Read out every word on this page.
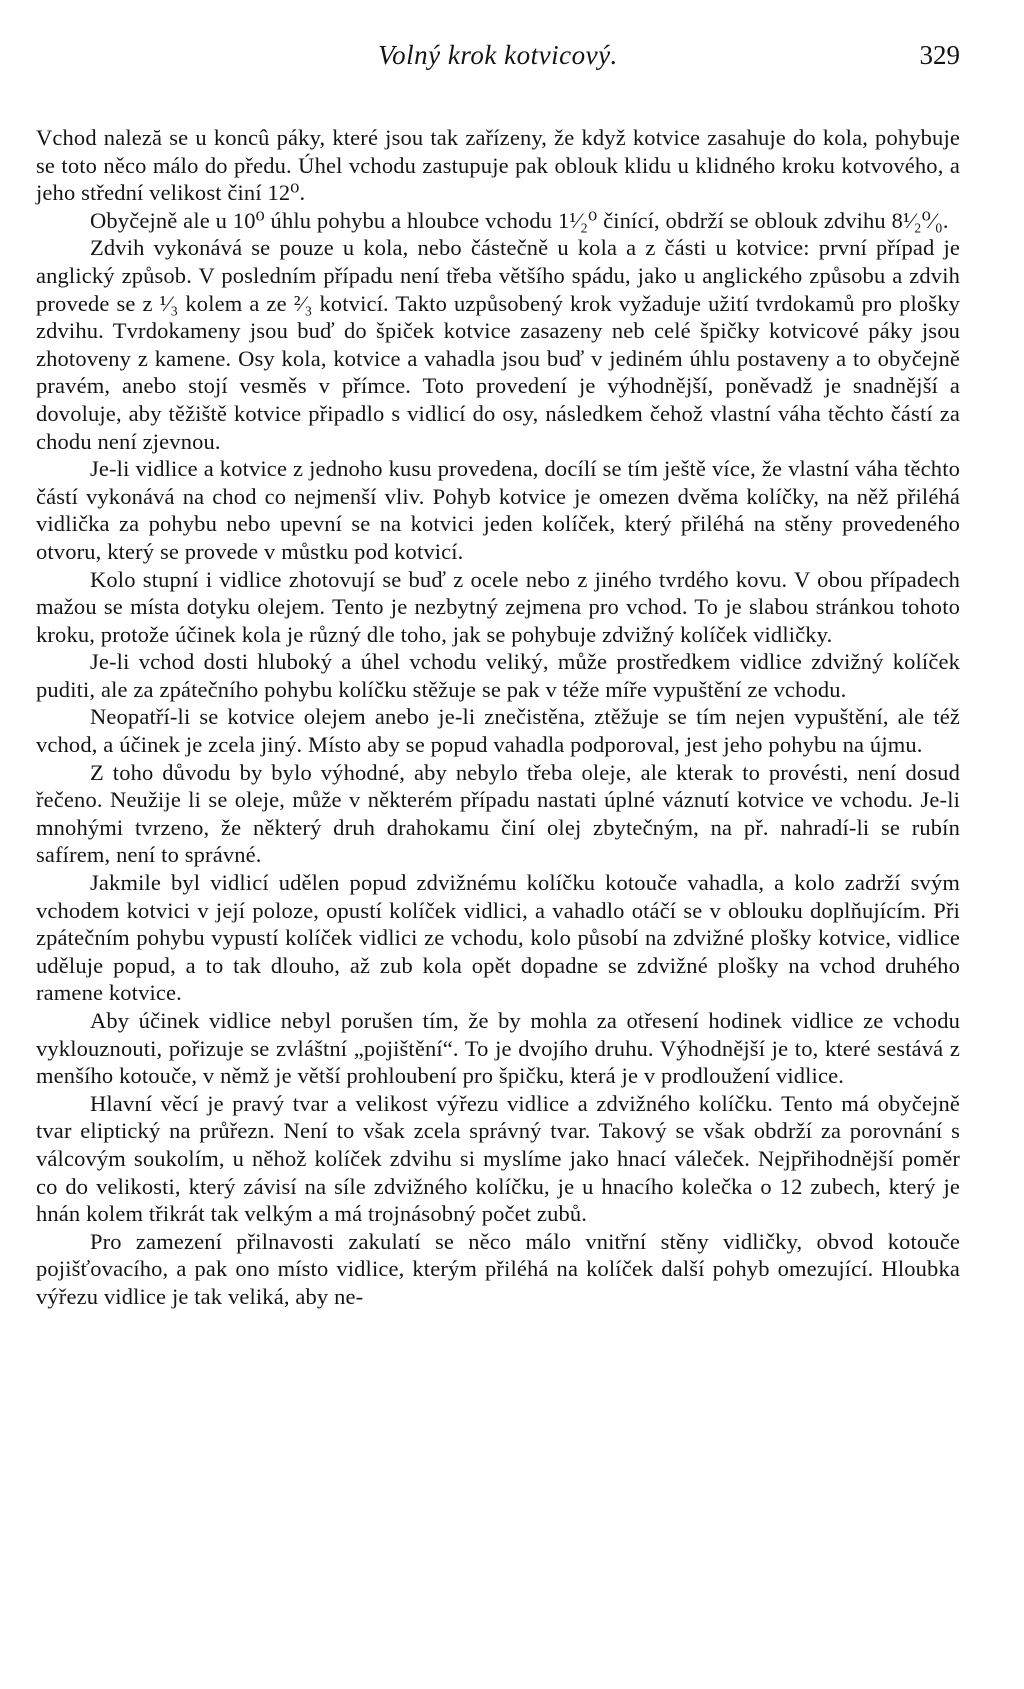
Volný krok kotvicový.	329

Vchod naleză se u koncû páky, které jsou tak zařízeny, že když kotvice zasahuje do kola, pohybuje se toto něco málo do předu. Úhel vchodu zastupuje pak oblouk klidu u klidného kroku kotvového, a jeho střední velikost činí 12⁰.

Obyčejně ale u 10⁰ úhlu pohybu a hloubce vchodu 1¹⁄₂⁰ činící, obdrží se oblouk zdvihu 8¹⁄₂⁰⁄₀.

Zdvih vykonává se pouze u kola, nebo částečně u kola a z části u kotvice: první případ je anglický způsob. V posledním případu není třeba většího spádu, jako u anglického způsobu a zdvih provede se z ¹⁄₃ kolem a ze ²⁄₃ kotvicí. Takto uzpůsobený krok vyžaduje užití tvrdokamů pro plošky zdvihu. Tvrdokameny jsou buď do špiček kotvice zasazeny neb celé špičky kotvicové páky jsou zhotoveny z kamene. Osy kola, kotvice a vahadla jsou buď v jediném úhlu postaveny a to obyčejně pravém, anebo stojí vesměs v přímce. Toto provedení je výhodnější, poněvadž je snadnější a dovoluje, aby těžiště kotvice připadlo s vidlicí do osy, následkem čehož vlastní váha těchto částí za chodu není zjevnou.

Je-li vidlice a kotvice z jednoho kusu provedena, docílí se tím ještě více, že vlastní váha těchto částí vykonává na chod co nejmenší vliv. Pohyb kotvice je omezen dvěma kolíčky, na něž přiléhá vidlička za pohybu nebo upevní se na kotvici jeden kolíček, který přiléhá na stěny provedeného otvoru, který se provede v můstku pod kotvicí.

Kolo stupní i vidlice zhotovují se buď z ocele nebo z jiného tvrdého kovu. V obou případech mažou se místa dotyku olejem. Tento je nezbytný zejmena pro vchod. To je slabou stránkou tohoto kroku, protože účinek kola je různý dle toho, jak se pohybuje zdvižný kolíček vidličky.

Je-li vchod dosti hluboký a úhel vchodu veliký, může prostředkem vidlice zdvižný kolíček puditi, ale za zpátečního pohybu kolíčku stěžuje se pak v téže míře vypuštění ze vchodu.

Neopatří-li se kotvice olejem anebo je-li znečistěna, ztěžuje se tím nejen vypuštění, ale též vchod, a účinek je zcela jiný. Místo aby se popud vahadla podporoval, jest jeho pohybu na újmu.

Z toho důvodu by bylo výhodné, aby nebylo třeba oleje, ale kterak to provésti, není dosud řečeno. Neužije li se oleje, může v některém případu nastati úplné váznutí kotvice ve vchodu. Je-li mnohými tvrzeno, že některý druh drahokamu činí olej zbytečným, na př. nahradí-li se rubín safírem, není to správné.

Jakmile byl vidlicí udělen popud zdvižnému kolíčku kotouče vahadla, a kolo zadrží svým vchodem kotvici v její poloze, opustí kolíček vidlici, a vahadlo otáčí se v oblouku doplňujícím. Při zpátečním pohybu vypustí kolíček vidlici ze vchodu, kolo působí na zdvižné plošky kotvice, vidlice uděluje popud, a to tak dlouho, až zub kola opět dopadne se zdvižné plošky na vchod druhého ramene kotvice.

Aby účinek vidlice nebyl porušen tím, že by mohla za otřesení hodinek vidlice ze vchodu vyklouznouti, pořizuje se zvláštní „pojištění“. To je dvojího druhu. Výhodnější je to, které sestává z menšího kotouče, v němž je větší prohloubení pro špičku, která je v prodloužení vidlice.

Hlavní věcí je pravý tvar a velikost výřezu vidlice a zdvižného kolíčku. Tento má obyčejně tvar eliptický na průřezn. Není to však zcela správný tvar. Takový se však obdrží za porovnání s válcovým soukolím, u něhož kolíček zdvihu si myslíme jako hnací váleček. Nejpřihodnější poměr co do velikosti, který závisí na síle zdvižného kolíčku, je u hnacího kolečka o 12 zubech, který je hnán kolem třikrát tak velkým a má trojnásobný počet zubů.

Pro zamezení přilnavosti zakulatí se něco málo vnitřní stěny vidličky, obvod kotouče pojišťovacího, a pak ono místo vidlice, kterým přiléhá na kolíček další pohyb omezující. Hloubka výřezu vidlice je tak veliká, aby ne-
